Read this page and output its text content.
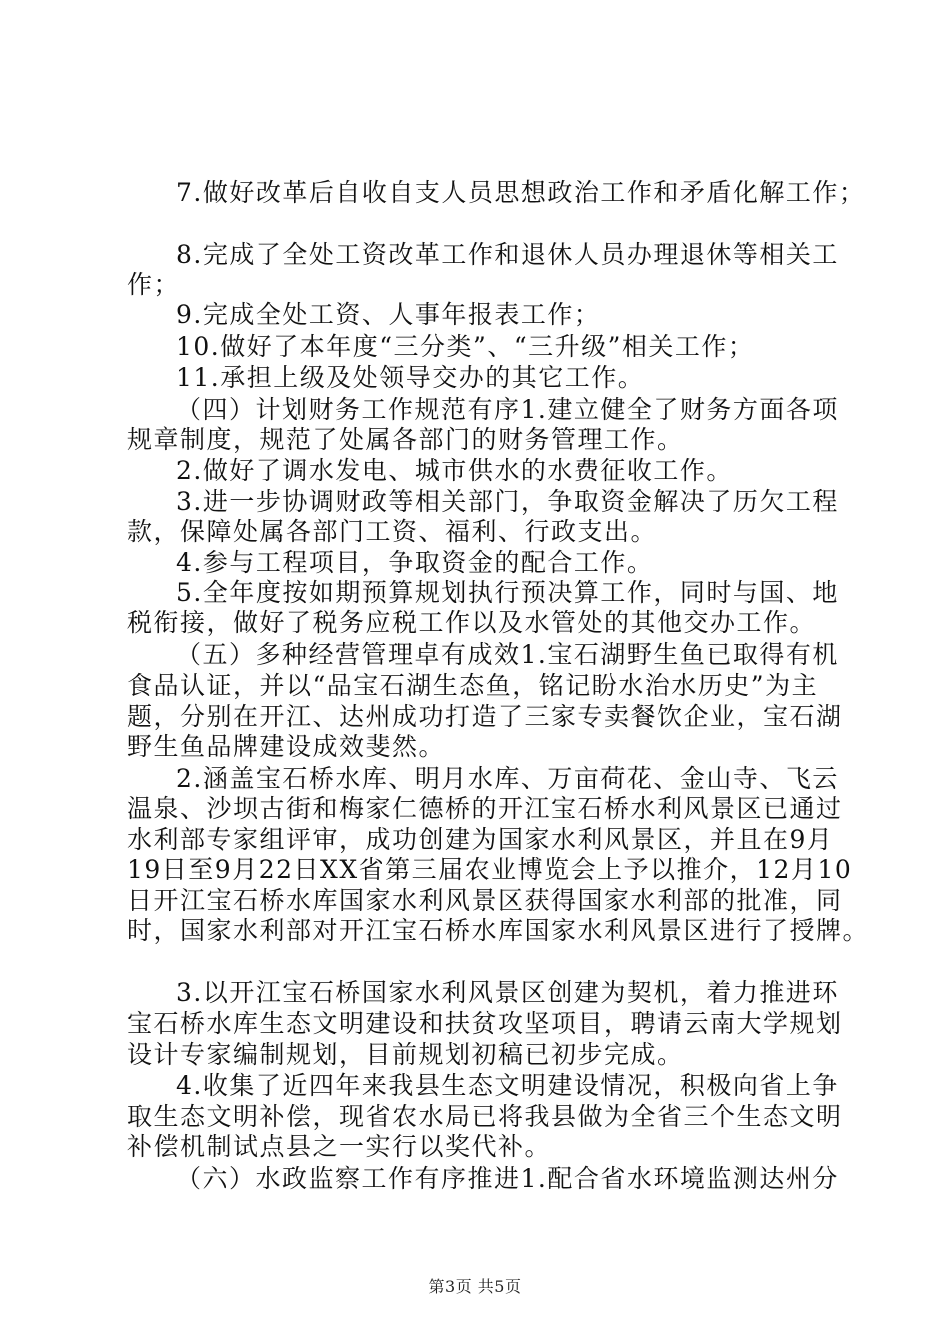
7.做好改革后自收自支人员思想政治工作和矛盾化解工作；

8.完成了全处工资改革工作和退休人员办理退休等相关工

作；

9.完成全处工资、人事年报表工作；

10.做好了本年度“三分类”、“三升级”相关工作；

11.承担上级及处领导交办的其它工作。

（四）计划财务工作规范有序1.建立健全了财务方面各项

规章制度，规范了处属各部门的财务管理工作。

2.做好了调水发电、城市供水的水费征收工作。

3.进一步协调财政等相关部门，争取资金解决了历欠工程

款，保障处属各部门工资、福利、行政支出。

4.参与工程项目，争取资金的配合工作。

5.全年度按如期预算规划执行预决算工作，同时与国、地

税衔接，做好了税务应税工作以及水管处的其他交办工作。

（五）多种经营管理卓有成效1.宝石湖野生鱼已取得有机

食品认证，并以“品宝石湖生态鱼，铭记盼水治水历史”为主

题，分别在开江、达州成功打造了三家专卖餐饮企业，宝石湖

野生鱼品牌建设成效斐然。

2.涵盖宝石桥水库、明月水库、万亩荷花、金山寺、飞云

温泉、沙坝古街和梅家仁德桥的开江宝石桥水利风景区已通过

水利部专家组评审，成功创建为国家水利风景区，并且在9月

19日至9月22日XX省第三届农业博览会上予以推介，12月10

日开江宝石桥水库国家水利风景区获得国家水利部的批准，同

时，国家水利部对开江宝石桥水库国家水利风景区进行了授牌。

3.以开江宝石桥国家水利风景区创建为契机，着力推进环

宝石桥水库生态文明建设和扶贫攻坚项目，聘请云南大学规划

设计专家编制规划，目前规划初稿已初步完成。

4.收集了近四年来我县生态文明建设情况，积极向省上争

取生态文明补偿，现省农水局已将我县做为全省三个生态文明

补偿机制试点县之一实行以奖代补。

（六）水政监察工作有序推进1.配合省水环境监测达州分

第3页 共5页
